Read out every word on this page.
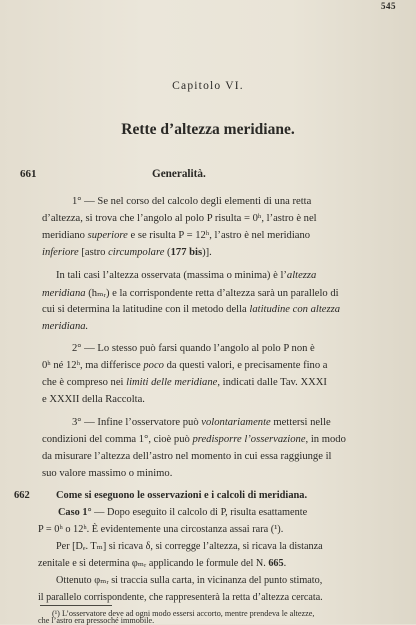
545
Capitolo VI.
Rette d’altezza meridiane.
661	Generalità.
1° — Se nel corso del calcolo degli elementi di una retta
d’altezza, si trova che l’angolo al polo P risulta = 0ʰ, l’astro è nel
meridiano superiore e se risulta P = 12ʰ, l’astro è nel meridiano
inferiore [astro circumpolare (177 bis)].
In tali casi l’altezza osservata (massima o minima) è l’altezza
meridiana (hₘᵣ) e la corrispondente retta d’altezza sarà un parallelo di
cui si determina la latitudine con il metodo della latitudine con altezza
meridiana.
2° — Lo stesso può farsi quando l’angolo al polo P non è
0ʰ né 12ʰ, ma differisce poco da questi valori, e precisamente fino a
che è compreso nei limiti delle meridiane, indicati dalle Tav. XXXI
e XXXII della Raccolta.
3° — Infine l’osservatore può volontariamente mettersi nelle
condizioni del comma 1°, cioè può predisporre l’osservazione, in modo
da misurare l’altezza dell’astro nel momento in cui essa raggiunge il
suo valore massimo o minimo.
662	Come si eseguono le osservazioni e i calcoli di meridiana.
Caso 1° — Dopo eseguito il calcolo di P, risulta esattamente
P = 0ʰ o 12ʰ. È evidentemente una circostanza assai rara (¹).
Per [Dₑ. Tₘ] si ricava δ, si corregge l’altezza, si ricava la distanza
zenitale e si determina φₘᵣ applicando le formule del N. 665.
Ottenuto φₘᵣ si traccia sulla carta, in vicinanza del punto stimato,
il parallelo corrispondente, che rappresenterà la retta d’altezza cercata.
(¹) L’osservatore deve ad ogni modo essersi accorto, mentre prendeva le altezze,
che l’astro era pressoché immobile.
